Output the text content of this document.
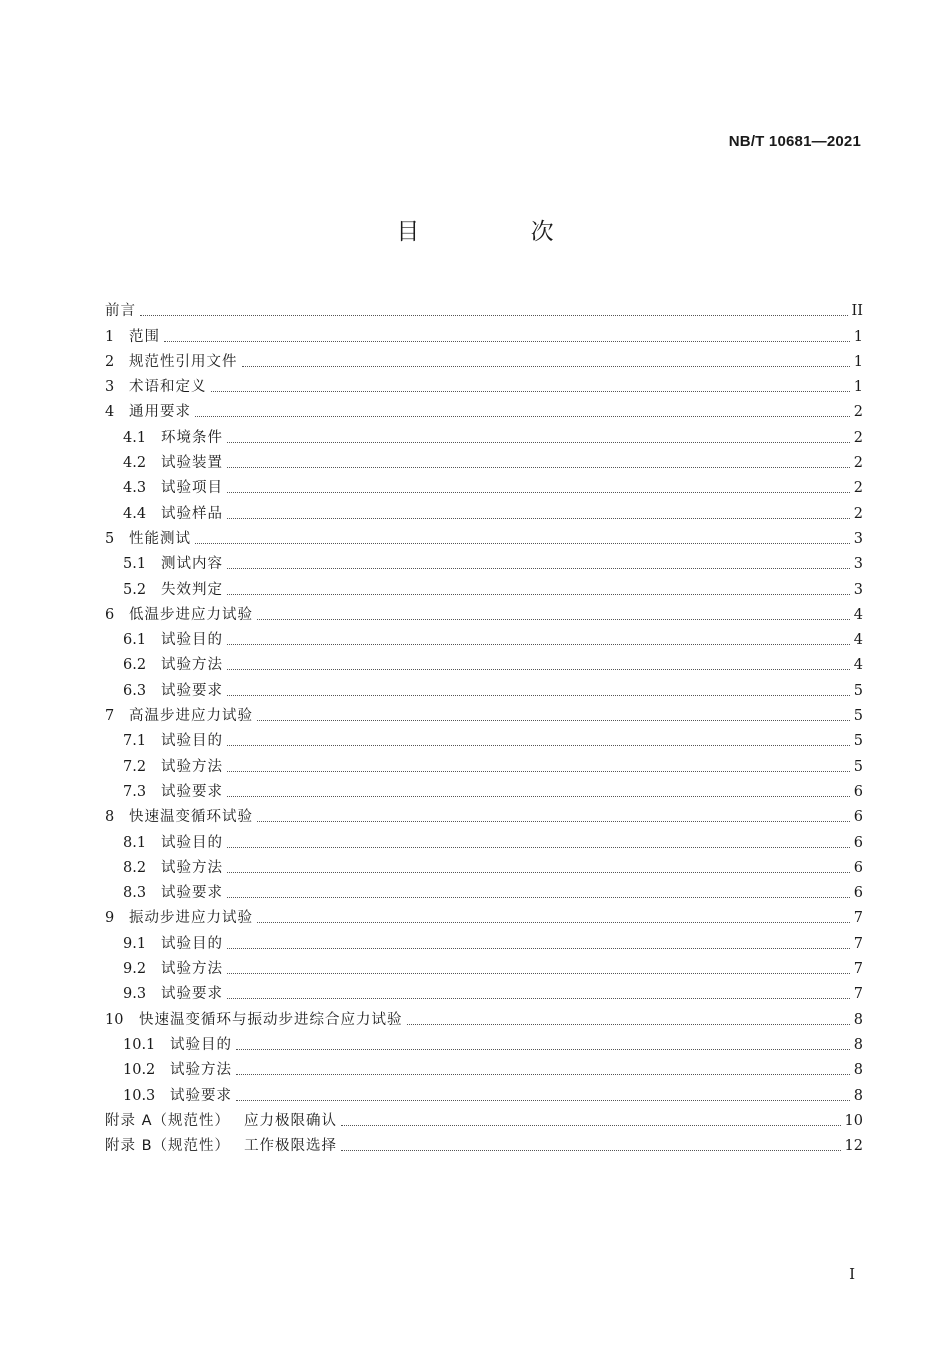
NB/T 10681—2021
目 次
前言	II
1	范围	1
2	规范性引用文件	1
3	术语和定义	1
4	通用要求	2
4.1	环境条件	2
4.2	试验装置	2
4.3	试验项目	2
4.4	试验样品	2
5	性能测试	3
5.1	测试内容	3
5.2	失效判定	3
6	低温步进应力试验	4
6.1	试验目的	4
6.2	试验方法	4
6.3	试验要求	5
7	高温步进应力试验	5
7.1	试验目的	5
7.2	试验方法	5
7.3	试验要求	6
8	快速温变循环试验	6
8.1	试验目的	6
8.2	试验方法	6
8.3	试验要求	6
9	振动步进应力试验	7
9.1	试验目的	7
9.2	试验方法	7
9.3	试验要求	7
10	快速温变循环与振动步进综合应力试验	8
10.1	试验目的	8
10.2	试验方法	8
10.3	试验要求	8
附录 A（规范性） 应力极限确认	10
附录 B（规范性） 工作极限选择	12
I
